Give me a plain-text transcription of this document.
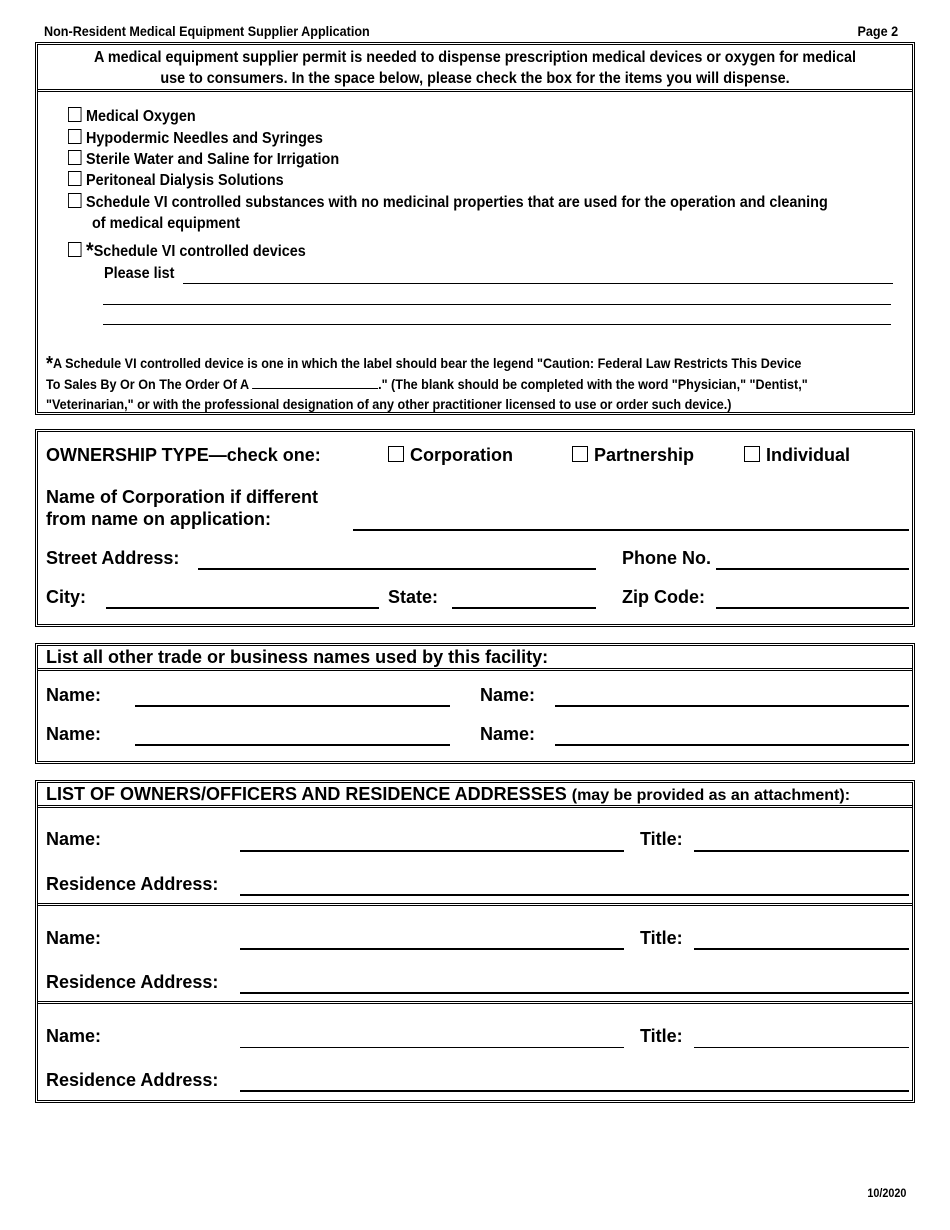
Non-Resident Medical Equipment Supplier Application	Page 2
A medical equipment supplier permit is needed to dispense prescription medical devices or oxygen for medical use to consumers. In the space below, please check the box for the items you will dispense.
Medical Oxygen
Hypodermic Needles and Syringes
Sterile Water and Saline for Irrigation
Peritoneal Dialysis Solutions
Schedule VI controlled substances with no medicinal properties that are used for the operation and cleaning
of medical equipment
*Schedule VI controlled devices
Please list
*A Schedule VI controlled device is one in which the label should bear the legend "Caution: Federal Law Restricts This Device
To Sales By Or On The Order Of A	." (The blank should be completed with the word "Physician," "Dentist,"
"Veterinarian," or with the professional designation of any other practitioner licensed to use or order such device.)
OWNERSHIP TYPE—check one:	Corporation	Partnership	Individual
Name of Corporation if different
from name on application:
Street Address:	Phone No.
City:	State:	Zip Code:
List all other trade or business names used by this facility:
Name:	Name:
Name:	Name:
LIST OF OWNERS/OFFICERS AND RESIDENCE ADDRESSES (may be provided as an attachment):
Name:	Title:
Residence Address:
Name:	Title:
Residence Address:
Name:	Title:
Residence Address:
10/2020
